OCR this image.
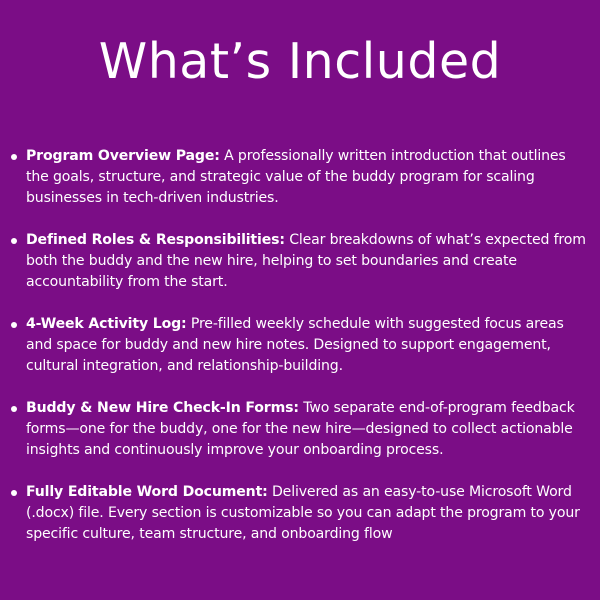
What’s Included
Program Overview Page: A professionally written introduction that outlines the goals, structure, and strategic value of the buddy program for scaling businesses in tech-driven industries.
Defined Roles & Responsibilities: Clear breakdowns of what’s expected from both the buddy and the new hire, helping to set boundaries and create accountability from the start.
4-Week Activity Log: Pre-filled weekly schedule with suggested focus areas and space for buddy and new hire notes. Designed to support engagement, cultural integration, and relationship-building.
Buddy & New Hire Check-In Forms: Two separate end-of-program feedback forms—one for the buddy, one for the new hire—designed to collect actionable insights and continuously improve your onboarding process.
Fully Editable Word Document: Delivered as an easy-to-use Microsoft Word (.docx) file. Every section is customizable so you can adapt the program to your specific culture, team structure, and onboarding flow
